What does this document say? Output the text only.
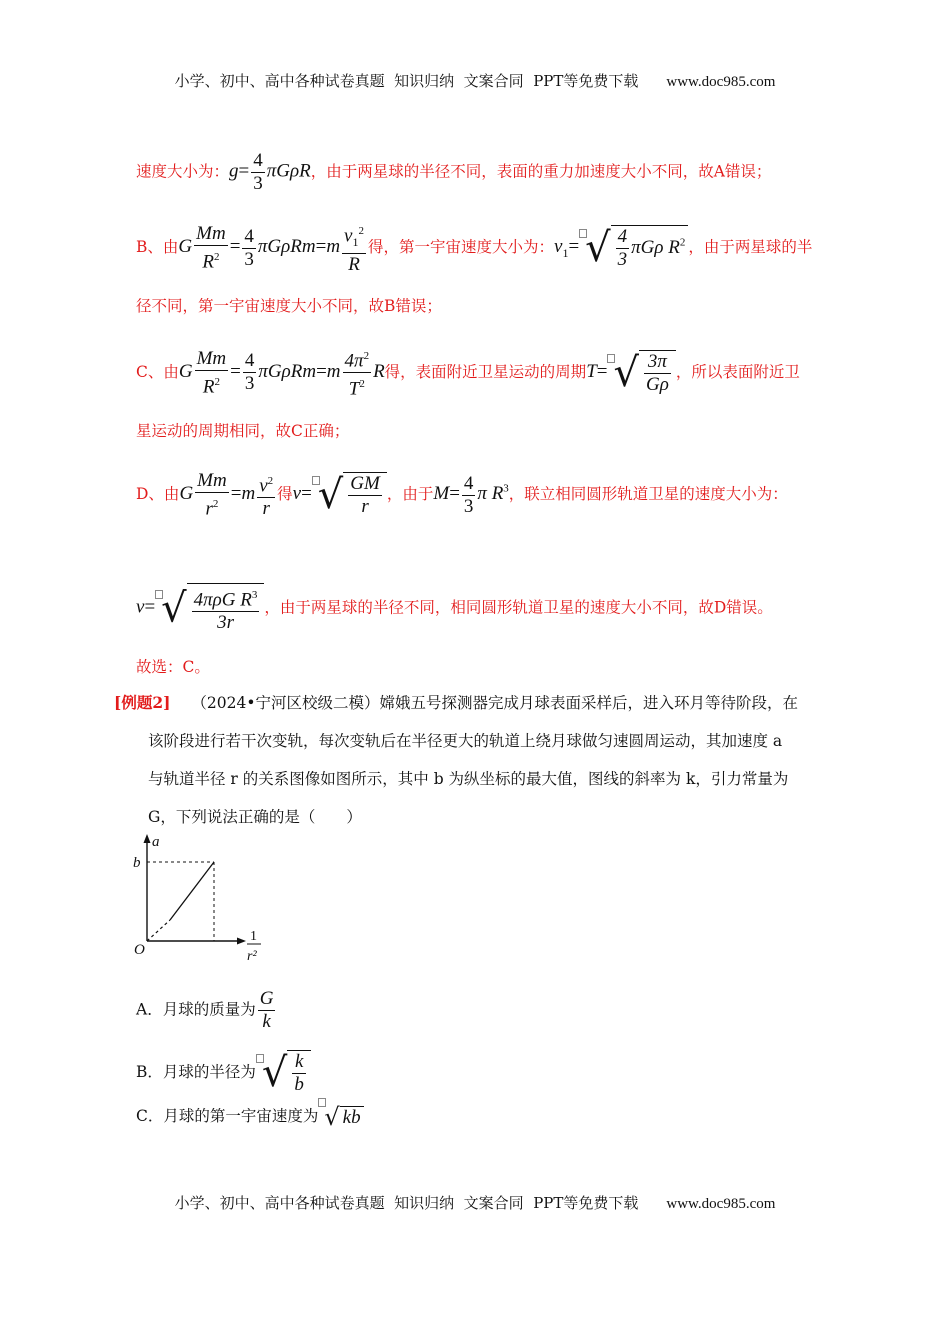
小学、初中、高中各种试卷真题  知识归纳  文案合同  PPT等免费下载 www.doc985.com
速度大小为：$g= \frac{4}{3}$ πGρR，由于两星球的半径不同，表面的重力加速度大小不同，故A错误；
B、由G $\frac{Mm}{R^2} = \frac{4}{3} \pi G\rho Rm=m \frac{v_1^2}{R}$ 得，第一宇宙速度大小为：$v_1=$ √ $\frac{4}{3}$ πGρ $R^2$ ，由于两星球的半
径不同，第一宇宙速度大小不同，故B错误；
C、由G $\frac{Mm}{R^2} = \frac{4}{3} \pi G\rho Rm=m \frac{4\pi^2}{T^2}$ R得，表面附近卫星运动的周期T= √ $\frac{3\pi}{G\rho}$ ，所以表面附近卫
星运动的周期相同，故C正确；
D、由G $\frac{Mm}{r^2} =m \frac{v^2}{r}$ 得v= √ $\frac{GM}{r}$ ，由于$M= \frac{4}{3}$ π $R^3$，联立相同圆形轨道卫星的速度大小为：
v= √ $\frac{4\pi\rho G R^3}{3r}$ ，由于两星球的半径不同，相同圆形轨道卫星的速度大小不同，故D错误。
故选：C。
[例题2] （2024•宁河区校级二模）嫦娥五号探测器完成月球表面采样后，进入环月等待阶段，在
该阶段进行若干次变轨，每次变轨后在半径更大的轨道上绕月球做匀速圆周运动，其加速度 a
与轨道半径 r 的关系图像如图所示，其中 b 为纵坐标的最大值，图线的斜率为 k，引力常量为
G，下列说法正确的是（　　）
a
b
O
1
r²
A．月球的质量为 $\frac{G}{k}$
B．月球的半径为 √ $\frac{k}{b}$
C．月球的第一宇宙速度为 √ kb
小学、初中、高中各种试卷真题  知识归纳  文案合同  PPT等免费下载 www.doc985.com
